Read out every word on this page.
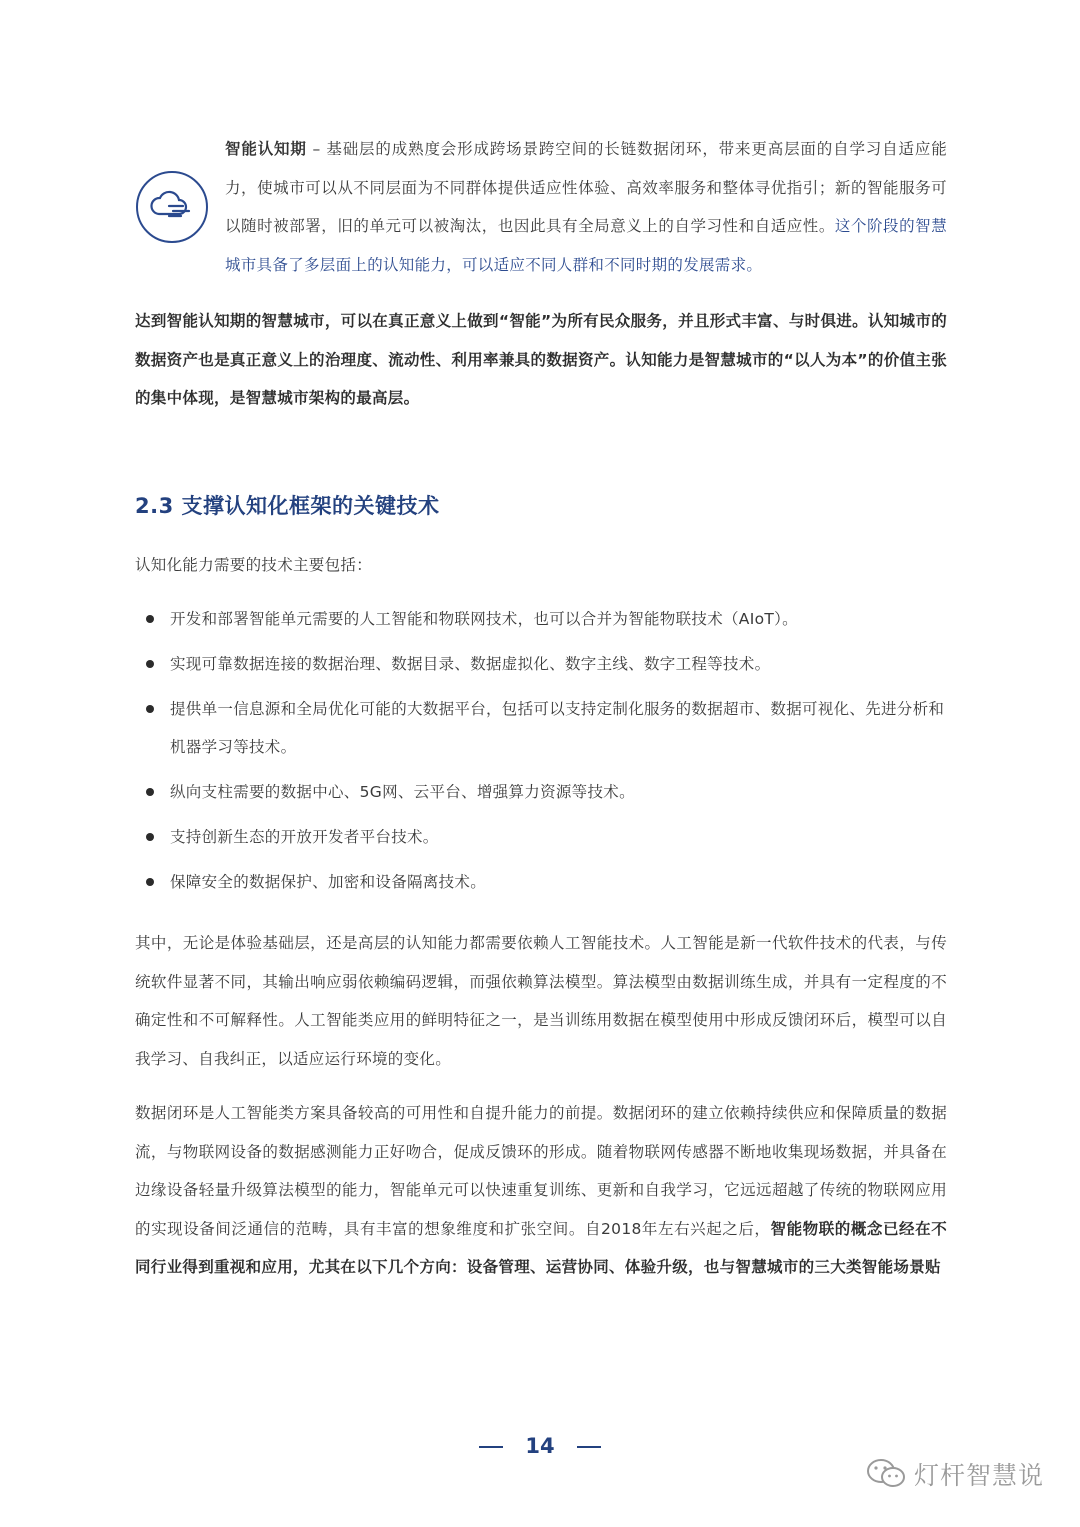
智能认知期 – 基础层的成熟度会形成跨场景跨空间的长链数据闭环，带来更高层面的自学习自适应能力，使城市可以从不同层面为不同群体提供适应性体验、高效率服务和整体寻优指引；新的智能服务可以随时被部署，旧的单元可以被淘汰，也因此具有全局意义上的自学习性和自适应性。这个阶段的智慧城市具备了多层面上的认知能力，可以适应不同人群和不同时期的发展需求。

达到智能认知期的智慧城市，可以在真正意义上做到“智能”为所有民众服务，并且形式丰富、与时俱进。认知城市的数据资产也是真正意义上的治理度、流动性、利用率兼具的数据资产。认知能力是智慧城市的“以人为本”的价值主张的集中体现，是智慧城市架构的最高层。

2.3 支撑认知化框架的关键技术

认知化能力需要的技术主要包括：

开发和部署智能单元需要的人工智能和物联网技术，也可以合并为智能物联技术（AIoT）。
实现可靠数据连接的数据治理、数据目录、数据虚拟化、数字主线、数字工程等技术。
提供单一信息源和全局优化可能的大数据平台，包括可以支持定制化服务的数据超市、数据可视化、先进分析和机器学习等技术。
纵向支柱需要的数据中心、5G网、云平台、增强算力资源等技术。
支持创新生态的开放开发者平台技术。
保障安全的数据保护、加密和设备隔离技术。

其中，无论是体验基础层，还是高层的认知能力都需要依赖人工智能技术。人工智能是新一代软件技术的代表，与传统软件显著不同，其输出响应弱依赖编码逻辑，而强依赖算法模型。算法模型由数据训练生成，并具有一定程度的不确定性和不可解释性。人工智能类应用的鲜明特征之一，是当训练用数据在模型使用中形成反馈闭环后，模型可以自我学习、自我纠正，以适应运行环境的变化。

数据闭环是人工智能类方案具备较高的可用性和自提升能力的前提。数据闭环的建立依赖持续供应和保障质量的数据流，与物联网设备的数据感测能力正好吻合，促成反馈环的形成。随着物联网传感器不断地收集现场数据，并具备在边缘设备轻量升级算法模型的能力，智能单元可以快速重复训练、更新和自我学习，它远远超越了传统的物联网应用的实现设备间泛通信的范畴，具有丰富的想象维度和扩张空间。自2018年左右兴起之后，智能物联的概念已经在不同行业得到重视和应用，尤其在以下几个方向：设备管理、运营协同、体验升级，也与智慧城市的三大类智能场景贴

14
灯杆智慧说
